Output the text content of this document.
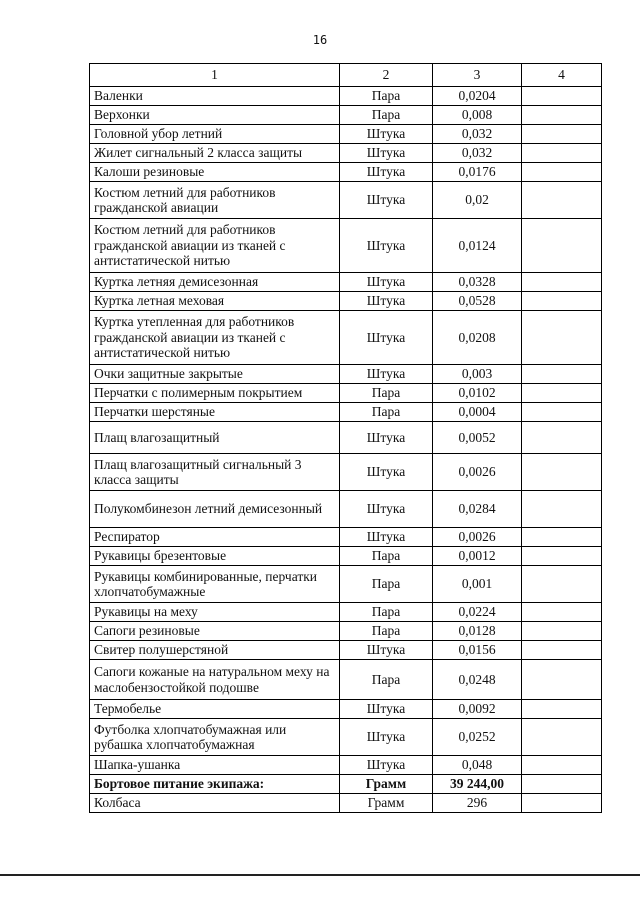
16
1	2	3	4
Валенки	Пара	0,0204	
Верхонки	Пара	0,008	
Головной убор летний	Штука	0,032	
Жилет сигнальный 2 класса защиты	Штука	0,032	
Калоши резиновые	Штука	0,0176	
Костюм летний для работников гражданской авиации	Штука	0,02	
Костюм летний для работников гражданской авиации из тканей с антистатической нитью	Штука	0,0124	
Куртка летняя демисезонная	Штука	0,0328	
Куртка летная меховая	Штука	0,0528	
Куртка утепленная для работников гражданской авиации из тканей с антистатической нитью	Штука	0,0208	
Очки защитные закрытые	Штука	0,003	
Перчатки с полимерным покрытием	Пара	0,0102	
Перчатки шерстяные	Пара	0,0004	
Плащ влагозащитный	Штука	0,0052	
Плащ влагозащитный сигнальный 3 класса защиты	Штука	0,0026	
Полукомбинезон летний демисезонный	Штука	0,0284	
Респиратор	Штука	0,0026	
Рукавицы брезентовые	Пара	0,0012	
Рукавицы комбинированные, перчатки хлопчатобумажные	Пара	0,001	
Рукавицы на меху	Пара	0,0224	
Сапоги резиновые	Пара	0,0128	
Свитер полушерстяной	Штука	0,0156	
Сапоги кожаные на натуральном меху на маслобензостойкой подошве	Пара	0,0248	
Термобелье	Штука	0,0092	
Футболка хлопчатобумажная или рубашка хлопчатобумажная	Штука	0,0252	
Шапка-ушанка	Штука	0,048	
Бортовое питание экипажа:	Грамм	39 244,00	
Колбаса	Грамм	296	
